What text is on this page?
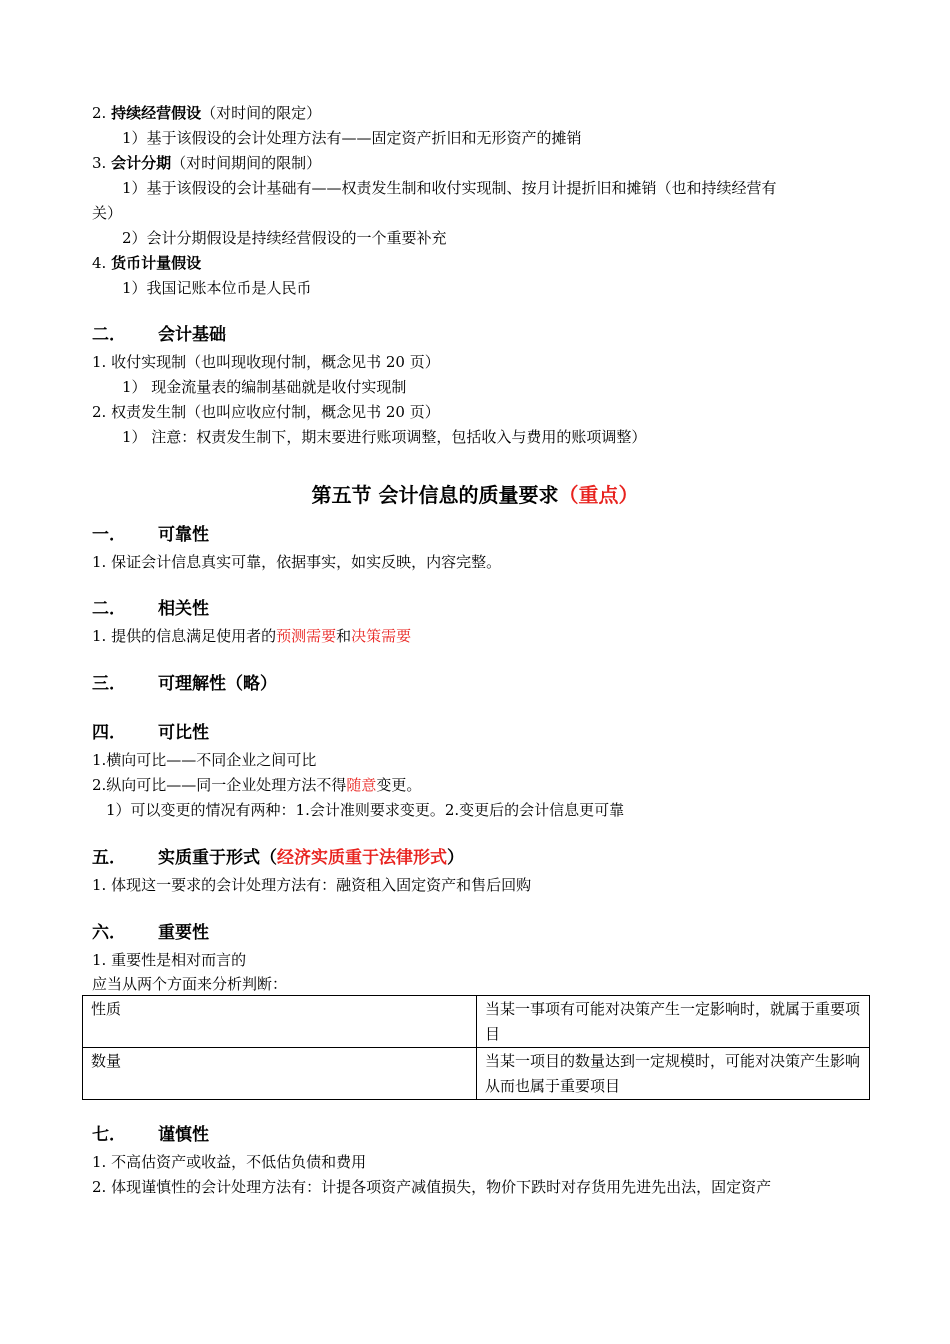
2. 持续经营假设（对时间的限定）
1）基于该假设的会计处理方法有——固定资产折旧和无形资产的摊销
3. 会计分期（对时间期间的限制）
1）基于该假设的会计基础有——权责发生制和收付实现制、按月计提折旧和摊销（也和持续经营有
关）
2）会计分期假设是持续经营假设的一个重要补充
4. 货币计量假设
1）我国记账本位币是人民币
二． 会计基础
1. 收付实现制（也叫现收现付制，概念见书 20 页）
1） 现金流量表的编制基础就是收付实现制
2. 权责发生制（也叫应收应付制，概念见书 20 页）
1） 注意：权责发生制下，期末要进行账项调整，包括收入与费用的账项调整）
第五节 会计信息的质量要求（重点）
一． 可靠性
1. 保证会计信息真实可靠，依据事实，如实反映，内容完整。
二． 相关性
1. 提供的信息满足使用者的预测需要和决策需要
三． 可理解性（略）
四． 可比性
1.横向可比——不同企业之间可比
2.纵向可比——同一企业处理方法不得随意变更。
1）可以变更的情况有两种：1.会计准则要求变更。2.变更后的会计信息更可靠
五． 实质重于形式（经济实质重于法律形式）
1. 体现这一要求的会计处理方法有：融资租入固定资产和售后回购
六． 重要性
1. 重要性是相对而言的
应当从两个方面来分析判断：
性质	当某一事项有可能对决策产生一定影响时，就属于重要项目
数量	当某一项目的数量达到一定规模时，可能对决策产生影响从而也属于重要项目
七． 谨慎性
1. 不高估资产或收益，不低估负债和费用
2. 体现谨慎性的会计处理方法有：计提各项资产减值损失，物价下跌时对存货用先进先出法，固定资产
